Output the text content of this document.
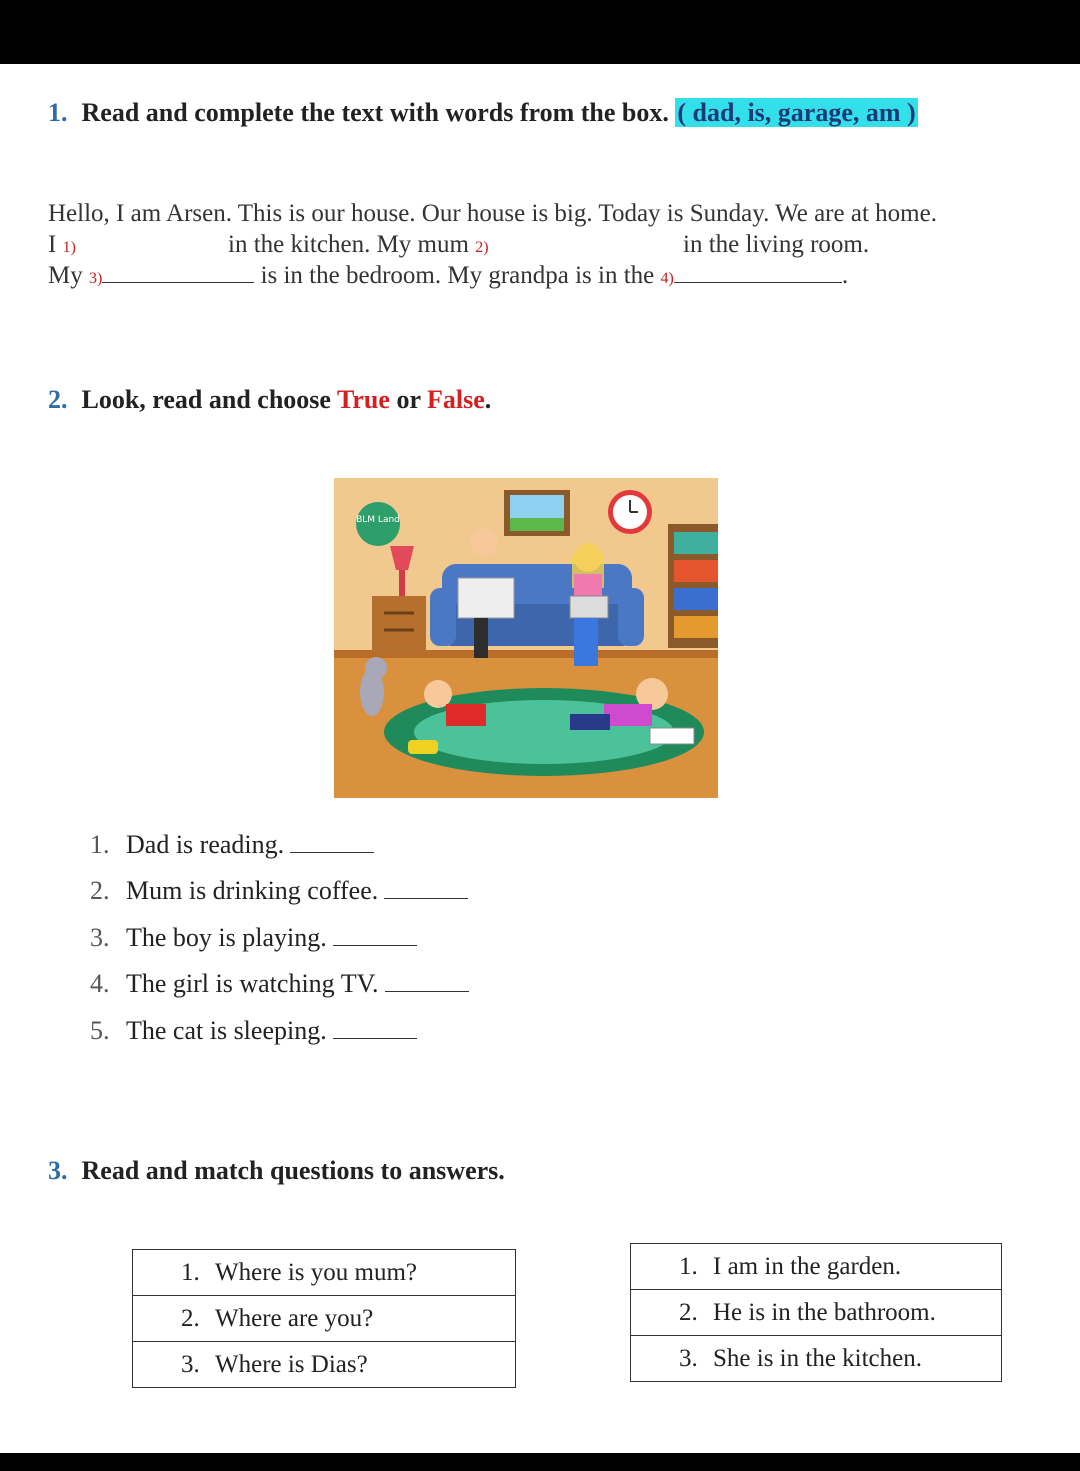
1. Read and complete the text with words from the box. ( dad, is, garage, am )
Hello, I am Arsen. This is our house. Our house is big. Today is Sunday. We are at home.
I 1)	in the kitchen. My mum 2)	in the living room.
My 3)	is in the bedroom. My grandpa is in the 4)	.
2. Look, read and choose True or False.
BLM Land
1. Dad is reading.
2. Mum is drinking coffee.
3. The boy is playing.
4. The girl is watching TV.
5. The cat is sleeping.
3. Read and match questions to answers.
1. Where is you mum?
2. Where are you?
3. Where is Dias?
1. I am in the garden.
2. He is in the bathroom.
3. She is in the kitchen.
